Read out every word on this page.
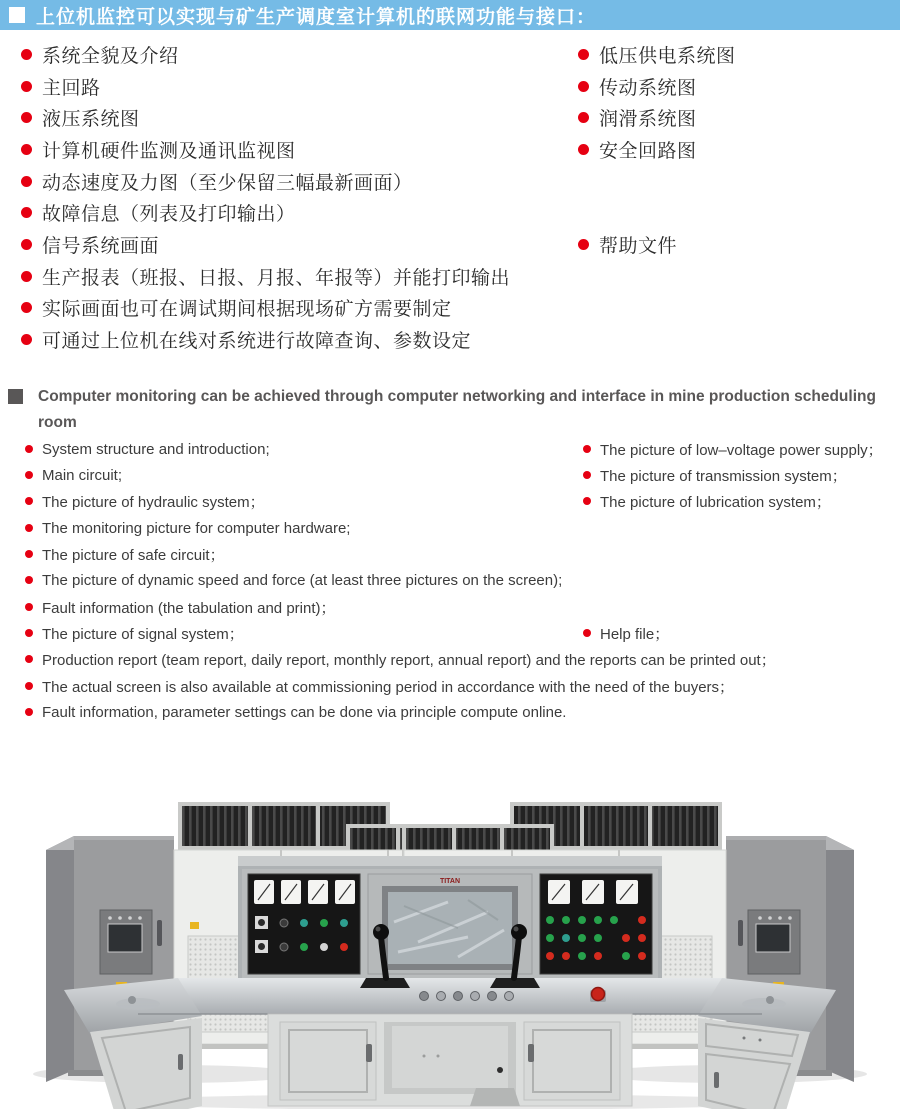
上位机监控可以实现与矿生产调度室计算机的联网功能与接口：
系统全貌及介绍
主回路
液压系统图
计算机硬件监测及通讯监视图
动态速度及力图（至少保留三幅最新画面）
故障信息（列表及打印输出）
信号系统画面
生产报表（班报、日报、月报、年报等）并能打印输出
实际画面也可在调试期间根据现场矿方需要制定
可通过上位机在线对系统进行故障查询、参数设定
低压供电系统图
传动系统图
润滑系统图
安全回路图
帮助文件
Computer monitoring can be achieved through computer networking and interface in mine production scheduling room
System structure and introduction;
Main circuit;
The picture of hydraulic system；
The monitoring picture for computer hardware;
The picture of safe circuit；
The picture of dynamic speed and force (at least three pictures on the screen);
Fault information (the tabulation and print)；
The picture of signal system；
Production report (team report, daily report, monthly report, annual report) and the reports can be printed out；
The actual screen is also available at commissioning period in accordance with the need of the buyers；
Fault information, parameter settings can be done via principle compute online.
The picture of low–voltage power supply；
The picture of transmission system；
The picture of lubrication system；
Help file；
TITAN
